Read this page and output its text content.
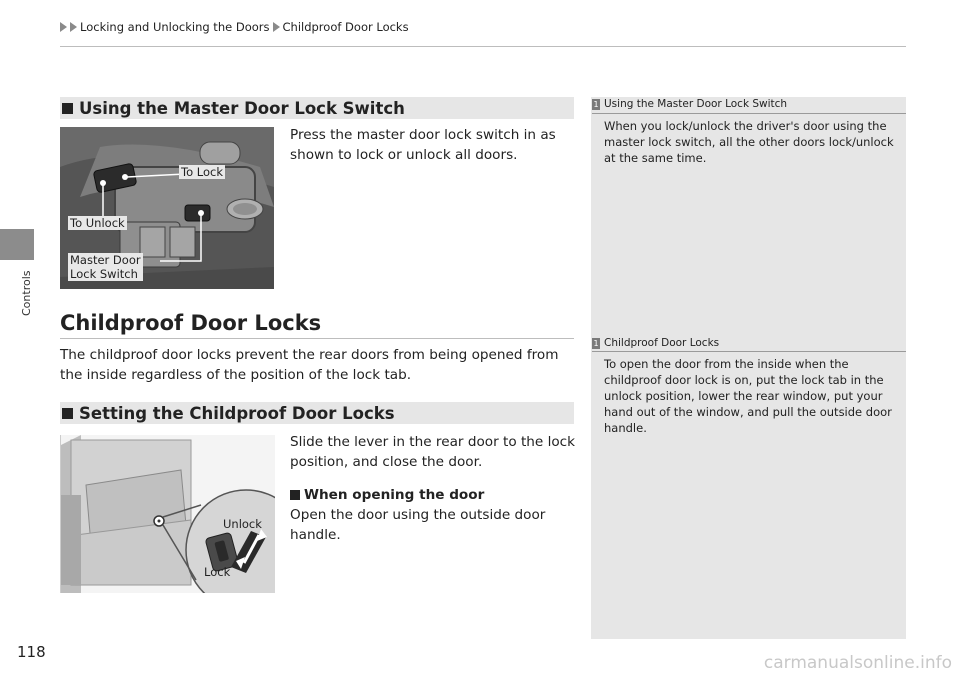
Locking and Unlocking the Doors Childproof Door Locks
Controls
Using the Master Door Lock Switch
To Lock
To Unlock
Master Door
Lock Switch
Press the master door lock switch in as shown to lock or unlock all doors.
Childproof Door Locks
The childproof door locks prevent the rear doors from being opened from the inside regardless of the position of the lock tab.
Setting the Childproof Door Locks
Unlock
Lock
Slide the lever in the rear door to the lock position, and close the door.
When opening the door
Open the door using the outside door handle.
1 Using the Master Door Lock Switch
When you lock/unlock the driver's door using the master lock switch, all the other doors lock/unlock at the same time.
1 Childproof Door Locks
To open the door from the inside when the childproof door lock is on, put the lock tab in the unlock position, lower the rear window, put your hand out of the window, and pull the outside door handle.
118
carmanualsonline.info
